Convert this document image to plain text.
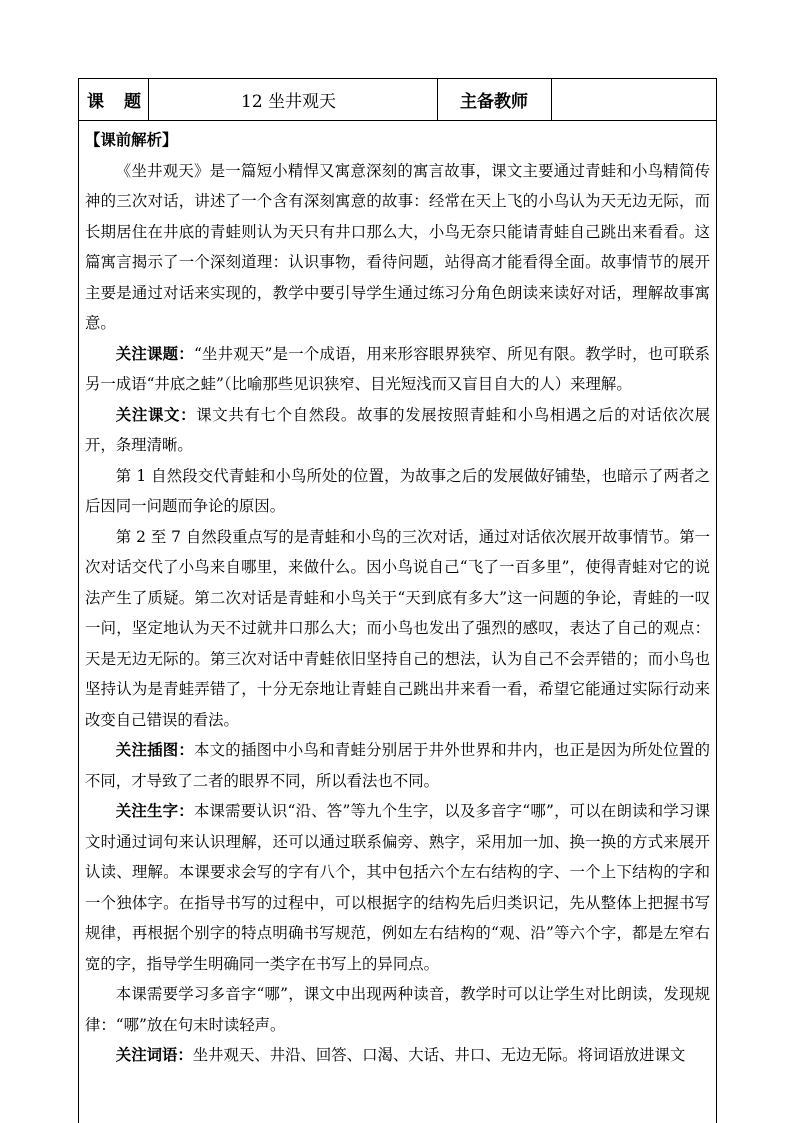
课 题	12 坐井观天	主备教师
【课前解析】

《坐井观天》是一篇短小精悍又寓意深刻的寓言故事，课文主要通过青蛙和小鸟精简传神的三次对话，讲述了一个含有深刻寓意的故事：经常在天上飞的小鸟认为天无边无际，而长期居住在井底的青蛙则认为天只有井口那么大，小鸟无奈只能请青蛙自己跳出来看看。这篇寓言揭示了一个深刻道理：认识事物，看待问题，站得高才能看得全面。故事情节的展开主要是通过对话来实现的，教学中要引导学生通过练习分角色朗读来读好对话，理解故事寓意。

关注课题：“坐井观天”是一个成语，用来形容眼界狭窄、所见有限。教学时，也可联系另一成语“井底之蛙”（比喻那些见识狭窄、目光短浅而又盲目自大的人）来理解。

关注课文：课文共有七个自然段。故事的发展按照青蛙和小鸟相遇之后的对话依次展开，条理清晰。

第 1 自然段交代青蛙和小鸟所处的位置，为故事之后的发展做好铺垫，也暗示了两者之后因同一问题而争论的原因。

第 2 至 7 自然段重点写的是青蛙和小鸟的三次对话，通过对话依次展开故事情节。第一次对话交代了小鸟来自哪里，来做什么。因小鸟说自己“飞了一百多里”，使得青蛙对它的说法产生了质疑。第二次对话是青蛙和小鸟关于“天到底有多大”这一问题的争论，青蛙的一叹一问，坚定地认为天不过就井口那么大；而小鸟也发出了强烈的感叹，表达了自己的观点：天是无边无际的。第三次对话中青蛙依旧坚持自己的想法，认为自己不会弄错的；而小鸟也坚持认为是青蛙弄错了，十分无奈地让青蛙自己跳出井来看一看，希望它能通过实际行动来改变自己错误的看法。

关注插图：本文的插图中小鸟和青蛙分别居于井外世界和井内，也正是因为所处位置的不同，才导致了二者的眼界不同，所以看法也不同。

关注生字：本课需要认识“沿、答”等九个生字，以及多音字“哪”，可以在朗读和学习课文时通过词句来认识理解，还可以通过联系偏旁、熟字，采用加一加、换一换的方式来展开认读、理解。本课要求会写的字有八个，其中包括六个左右结构的字、一个上下结构的字和一个独体字。在指导书写的过程中，可以根据字的结构先后归类识记，先从整体上把握书写规律，再根据个别字的特点明确书写规范，例如左右结构的“观、沿”等六个字，都是左窄右宽的字，指导学生明确同一类字在书写上的异同点。

本课需要学习多音字“哪”，课文中出现两种读音，教学时可以让学生对比朗读，发现规律：“哪”放在句末时读轻声。

关注词语：坐井观天、井沿、回答、口渴、大话、井口、无边无际。将词语放进课文
